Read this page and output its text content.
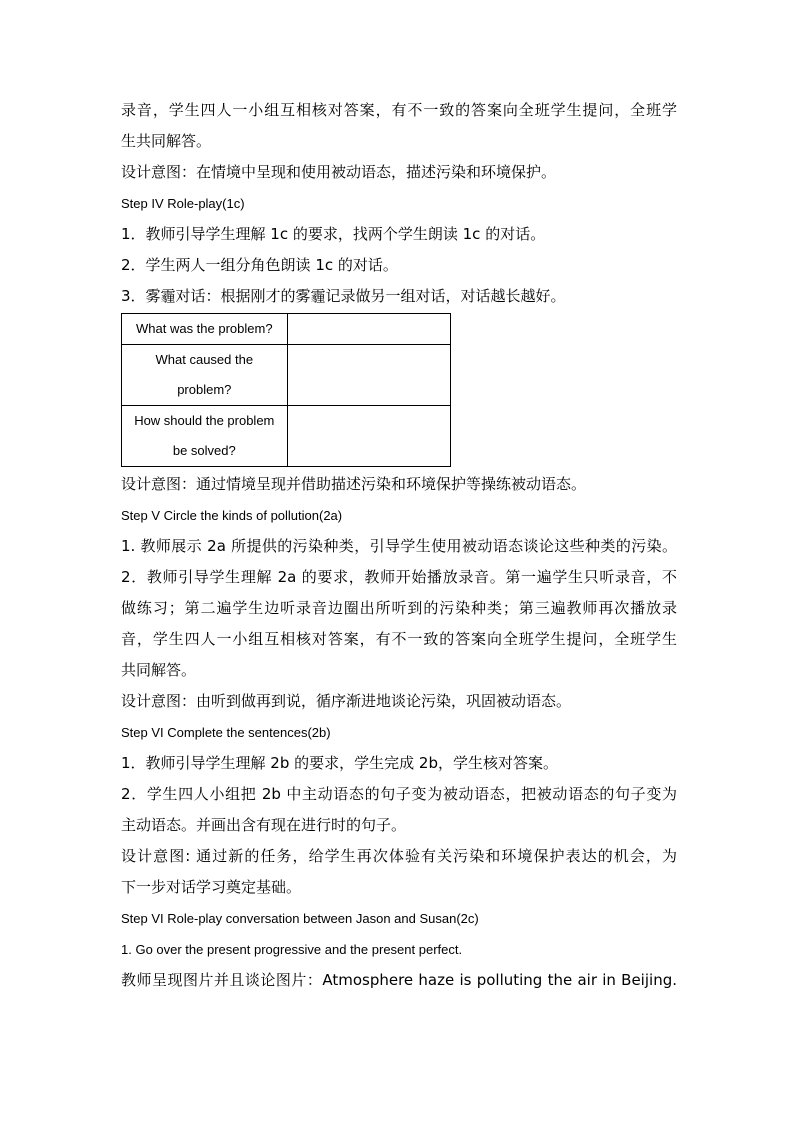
录音，学生四人一小组互相核对答案，有不一致的答案向全班学生提问，全班学
生共同解答。
设计意图：在情境中呈现和使用被动语态，描述污染和环境保护。
Step IV Role-play(1c)
1．教师引导学生理解 1c 的要求，找两个学生朗读 1c 的对话。
2．学生两人一组分角色朗读 1c 的对话。
3．雾霾对话：根据刚才的雾霾记录做另一组对话，对话越长越好。
What was the problem?	

What caused the
problem?	

How should the problem
be solved?	

设计意图：通过情境呈现并借助描述污染和环境保护等操练被动语态。
Step V Circle the kinds of pollution(2a)
1. 教师展示 2a 所提供的污染种类，引导学生使用被动语态谈论这些种类的污染。
2．教师引导学生理解 2a 的要求，教师开始播放录音。第一遍学生只听录音，不
做练习；第二遍学生边听录音边圈出所听到的污染种类；第三遍教师再次播放录
音，学生四人一小组互相核对答案，有不一致的答案向全班学生提问，全班学生
共同解答。
设计意图：由听到做再到说，循序渐进地谈论污染，巩固被动语态。
Step VI Complete the sentences(2b)
1．教师引导学生理解 2b 的要求，学生完成 2b，学生核对答案。
2．学生四人小组把 2b 中主动语态的句子变为被动语态，把被动语态的句子变为
主动语态。并画出含有现在进行时的句子。
设计意图: 通过新的任务，给学生再次体验有关污染和环境保护表达的机会，为
下一步对话学习奠定基础。
Step VI Role-play conversation between Jason and Susan(2c)
1. Go over the present progressive and the present perfect.
教师呈现图片并且谈论图片：Atmosphere haze is polluting the air in Beijing.
